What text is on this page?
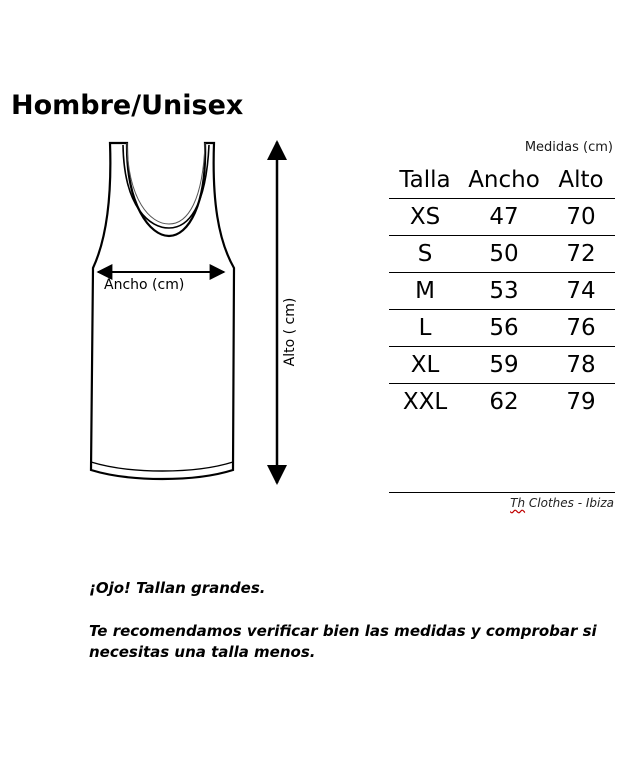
Hombre/Unisex
Alto ( cm)
Ancho (cm)
Medidas (cm)
Talla	Ancho	Alto
XS	47	70
S	50	72
M	53	74
L	56	76
XL	59	78
XXL	62	79
Th Clothes - Ibiza
¡Ojo! Tallan grandes.
Te recomendamos verificar bien las medidas y comprobar si necesitas una talla menos.
